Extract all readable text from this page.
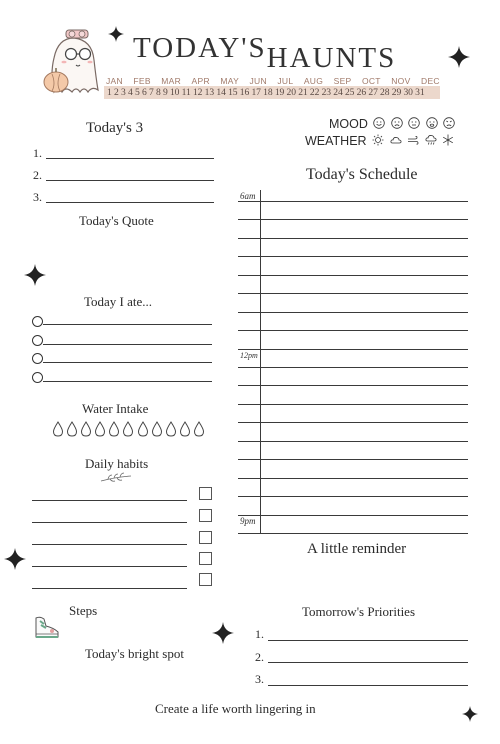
TODAY'SHAUNTS
JAN FEB MAR APR MAY JUN JUL AUG SEP OCT NOV DEC
1 2 3 4 5 6 7 8 9 10 11 12 13 14 15 16 17 18 19 20 21 22 23 24 25 26 27 28 29 30 31
Today's 3
1.
2.
3.
Today's Quote
Today I ate...
Water Intake
Daily habits
Steps
Today's bright spot
MOOD
WEATHER
Today's Schedule
6am
12pm
9pm
A little reminder
Tomorrow's Priorities
1.
2.
3.
Create a life worth lingering in
